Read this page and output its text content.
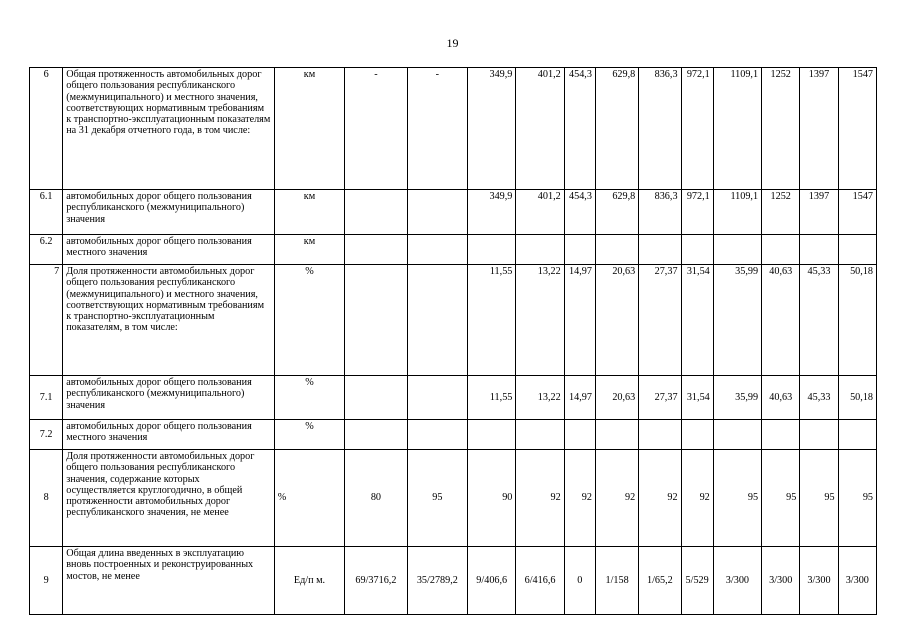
19
6	Общая протяженность автомобильных дорог общего пользования республиканского (межмуниципального) и местного значения, соответствующих нормативным требованиям к транспортно-эксплуатационным показателям на 31 декабря отчетного года, в том числе:	км	-	-	349,9	401,2	454,3	629,8	836,3	972,1	1109,1	1252	1397	1547
6.1	автомобильных дорог общего пользования республиканского (межмуниципального) значения	км			349,9	401,2	454,3	629,8	836,3	972,1	1109,1	1252	1397	1547
6.2	автомобильных дорог общего пользования местного значения	км												
7	Доля протяженности автомобильных дорог общего пользования республиканского (межмуниципального) и местного значения, соответствующих нормативным требованиям к транспортно-эксплуатационным показателям, в том числе:	%			11,55	13,22	14,97	20,63	27,37	31,54	35,99	40,63	45,33	50,18
7.1	автомобильных дорог общего пользования республиканского (межмуниципального) значения	%			11,55	13,22	14,97	20,63	27,37	31,54	35,99	40,63	45,33	50,18
7.2	автомобильных дорог общего пользования местного значения	%												
8	Доля протяженности автомобильных дорог общего пользования республиканского значения, содержание которых осуществляется круглогодично, в общей протяженности автомобильных дорог республиканского значения, не менее	%	80	95	90	92	92	92	92	92	95	95	95	95
9	Общая длина введенных в эксплуатацию вновь построенных и реконструированных мостов, не менее	Ед/п м.	69/3716,2	35/2789,2	9/406,6	6/416,6	0	1/158	1/65,2	5/529	3/300	3/300	3/300	3/300
